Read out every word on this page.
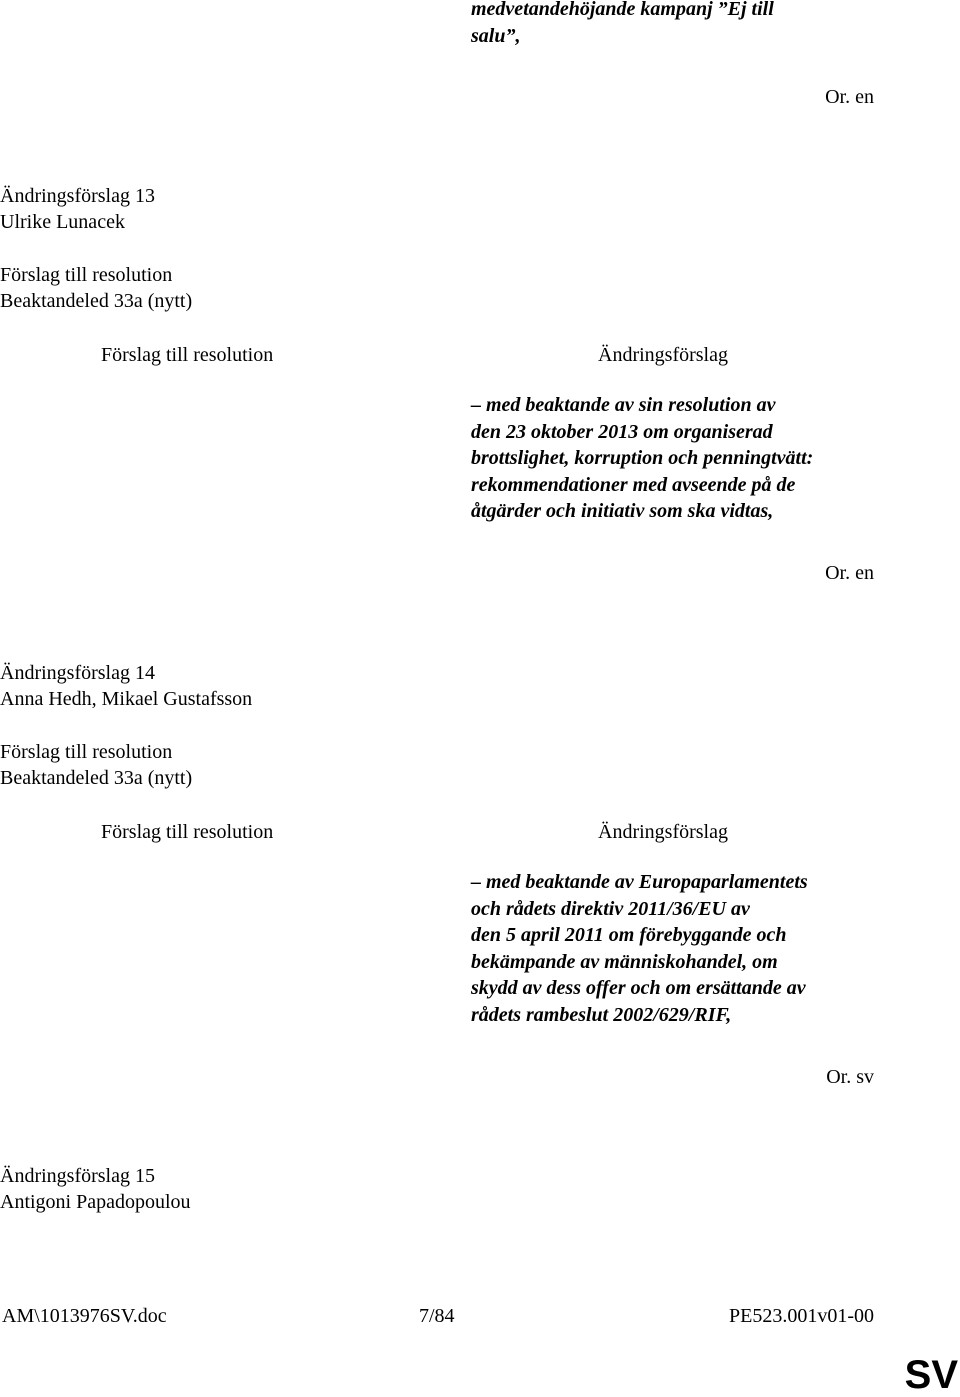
medvetandehöjande kampanj ”Ej till
salu”,
Or. en
Ändringsförslag 13
Ulrike Lunacek
Förslag till resolution
Beaktandeled 33a (nytt)
Förslag till resolution	Ändringsförslag
– med beaktande av sin resolution av
den 23 oktober 2013 om organiserad
brottslighet, korruption och penningtvätt:
rekommendationer med avseende på de
åtgärder och initiativ som ska vidtas,
Or. en
Ändringsförslag 14
Anna Hedh, Mikael Gustafsson
Förslag till resolution
Beaktandeled 33a (nytt)
Förslag till resolution	Ändringsförslag
– med beaktande av Europaparlamentets
och rådets direktiv 2011/36/EU av
den 5 april 2011 om förebyggande och
bekämpande av människohandel, om
skydd av dess offer och om ersättande av
rådets rambeslut 2002/629/RIF,
Or. sv
Ändringsförslag 15
Antigoni Papadopoulou
AM\1013976SV.doc	7/84	PE523.001v01-00
SV
